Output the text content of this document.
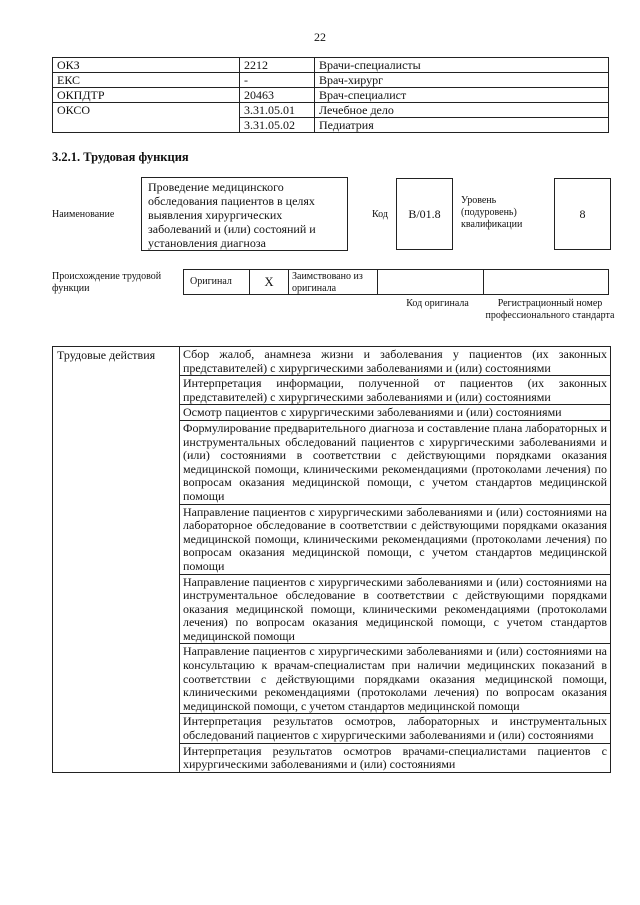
22
ОКЗ	2212	Врачи-специалисты
ЕКС	-	Врач-хирург
ОКПДТР	20463	Врач-специалист
ОКСО	3.31.05.01	Лечебное дело
	3.31.05.02	Педиатрия
3.2.1. Трудовая функция
Наименование
Проведение медицинского обследования пациентов в целях выявления хирургических заболеваний и (или) состояний и установления диагноза
Код	B/01.8
Уровень (подуровень) квалификации
8
Происхождение трудовой функции
Оригинал	X	Заимствовано из оригинала
Код оригинала	Регистрационный номер профессионального стандарта
Трудовые действия	Сбор жалоб, анамнеза жизни и заболевания у пациентов (их законных представителей) с хирургическими заболеваниями и (или) состояниями
Интерпретация информации, полученной от пациентов (их законных представителей) с хирургическими заболеваниями и (или) состояниями
Осмотр пациентов с хирургическими заболеваниями и (или) состояниями
Формулирование предварительного диагноза и составление плана лабораторных и инструментальных обследований пациентов с хирургическими заболеваниями и (или) состояниями в соответствии с действующими порядками оказания медицинской помощи, клиническими рекомендациями (протоколами лечения) по вопросам оказания медицинской помощи, с учетом стандартов медицинской помощи
Направление пациентов с хирургическими заболеваниями и (или) состояниями на лабораторное обследование в соответствии с действующими порядками оказания медицинской помощи, клиническими рекомендациями (протоколами лечения) по вопросам оказания медицинской помощи, с учетом стандартов медицинской помощи
Направление пациентов с хирургическими заболеваниями и (или) состояниями на инструментальное обследование в соответствии с действующими порядками оказания медицинской помощи, клиническими рекомендациями (протоколами лечения) по вопросам оказания медицинской помощи, с учетом стандартов медицинской помощи
Направление пациентов с хирургическими заболеваниями и (или) состояниями на консультацию к врачам-специалистам при наличии медицинских показаний в соответствии с действующими порядками оказания медицинской помощи, клиническими рекомендациями (протоколами лечения) по вопросам оказания медицинской помощи, с учетом стандартов медицинской помощи
Интерпретация результатов осмотров, лабораторных и инструментальных обследований пациентов с хирургическими заболеваниями и (или) состояниями
Интерпретация результатов осмотров врачами-специалистами пациентов с хирургическими заболеваниями и (или) состояниями
